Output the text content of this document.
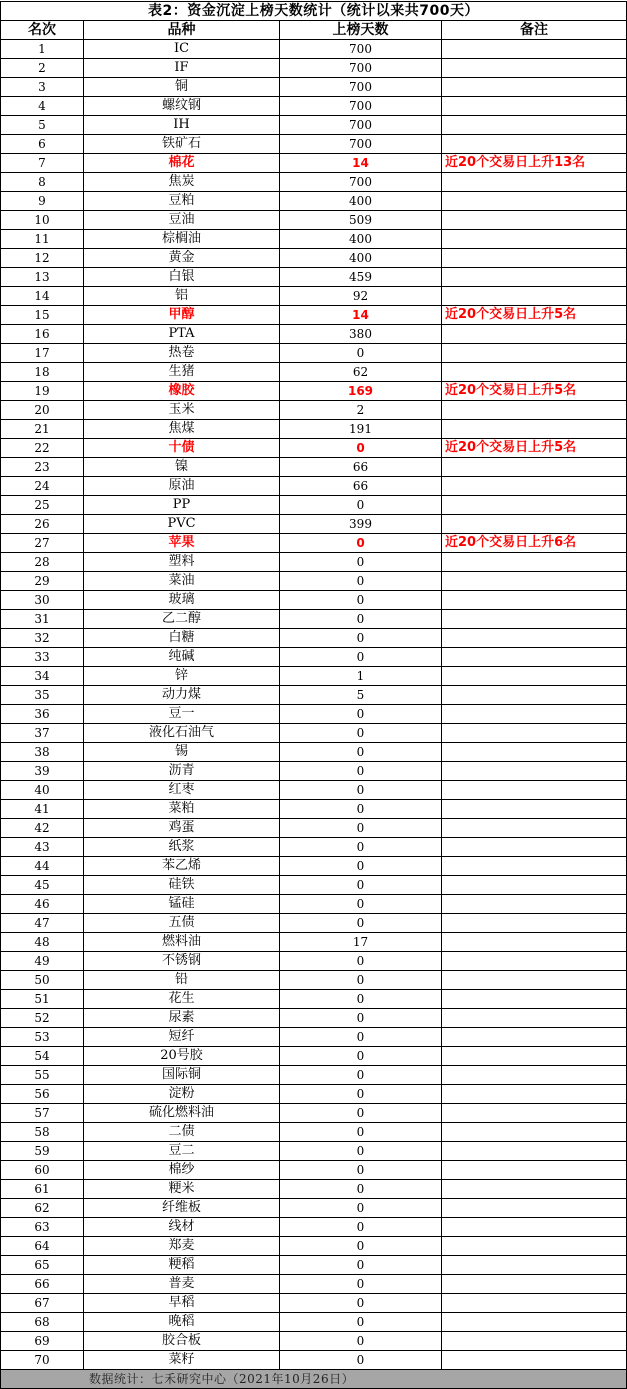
表2：资金沉淀上榜天数统计（统计以来共700天）			
名次	品种	上榜天数	备注
1	IC	700	
2	IF	700	
3	铜	700	
4	螺纹钢	700	
5	IH	700	
6	铁矿石	700	
7	棉花	14	近20个交易日上升13名
8	焦炭	700	
9	豆粕	400	
10	豆油	509	
11	棕榈油	400	
12	黄金	400	
13	白银	459	
14	铝	92	
15	甲醇	14	近20个交易日上升5名
16	PTA	380	
17	热卷	0	
18	生猪	62	
19	橡胶	169	近20个交易日上升5名
20	玉米	2	
21	焦煤	191	
22	十债	0	近20个交易日上升5名
23	镍	66	
24	原油	66	
25	PP	0	
26	PVC	399	
27	苹果	0	近20个交易日上升6名
28	塑料	0	
29	菜油	0	
30	玻璃	0	
31	乙二醇	0	
32	白糖	0	
33	纯碱	0	
34	锌	1	
35	动力煤	5	
36	豆一	0	
37	液化石油气	0	
38	锡	0	
39	沥青	0	
40	红枣	0	
41	菜粕	0	
42	鸡蛋	0	
43	纸浆	0	
44	苯乙烯	0	
45	硅铁	0	
46	锰硅	0	
47	五债	0	
48	燃料油	17	
49	不锈钢	0	
50	铅	0	
51	花生	0	
52	尿素	0	
53	短纤	0	
54	20号胶	0	
55	国际铜	0	
56	淀粉	0	
57	硫化燃料油	0	
58	二债	0	
59	豆二	0	
60	棉纱	0	
61	粳米	0	
62	纤维板	0	
63	线材	0	
64	郑麦	0	
65	粳稻	0	
66	普麦	0	
67	早稻	0	
68	晚稻	0	
69	胶合板	0	
70	菜籽	0	
数据统计：七禾研究中心（2021年10月26日）			
